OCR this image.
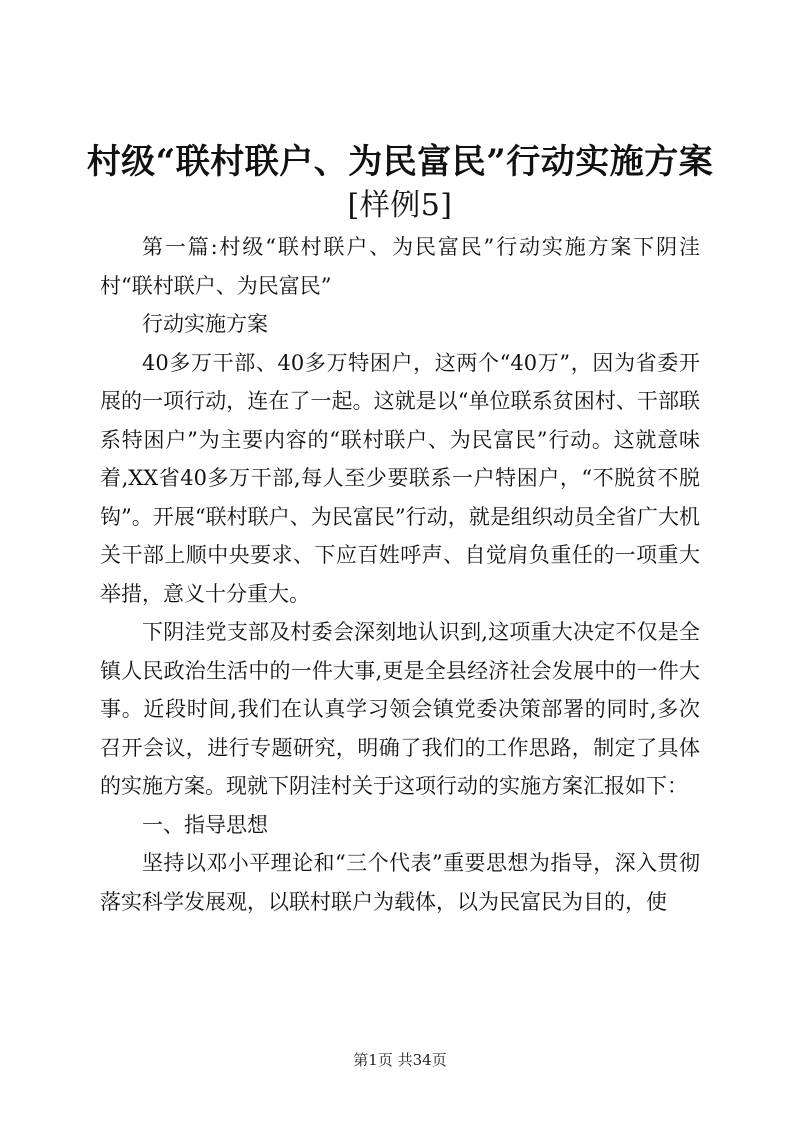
村级“联村联户、为民富民”行动实施方案
[样例5]

第一篇:村级“联村联户、为民富民”行动实施方案下阴洼村“联村联户、为民富民”

行动实施方案

40多万干部、40多万特困户，这两个“40万”，因为省委开展的一项行动，连在了一起。这就是以“单位联系贫困村、干部联系特困户”为主要内容的“联村联户、为民富民”行动。这就意味着,XX省40多万干部,每人至少要联系一户特困户，“不脱贫不脱钩”。开展“联村联户、为民富民”行动，就是组织动员全省广大机关干部上顺中央要求、下应百姓呼声、自觉肩负重任的一项重大举措，意义十分重大。

下阴洼党支部及村委会深刻地认识到,这项重大决定不仅是全镇人民政治生活中的一件大事,更是全县经济社会发展中的一件大事。近段时间,我们在认真学习领会镇党委决策部署的同时,多次召开会议，进行专题研究，明确了我们的工作思路，制定了具体的实施方案。现就下阴洼村关于这项行动的实施方案汇报如下：

一、指导思想

坚持以邓小平理论和“三个代表”重要思想为指导，深入贯彻落实科学发展观，以联村联户为载体，以为民富民为目的，使

第1页 共34页
